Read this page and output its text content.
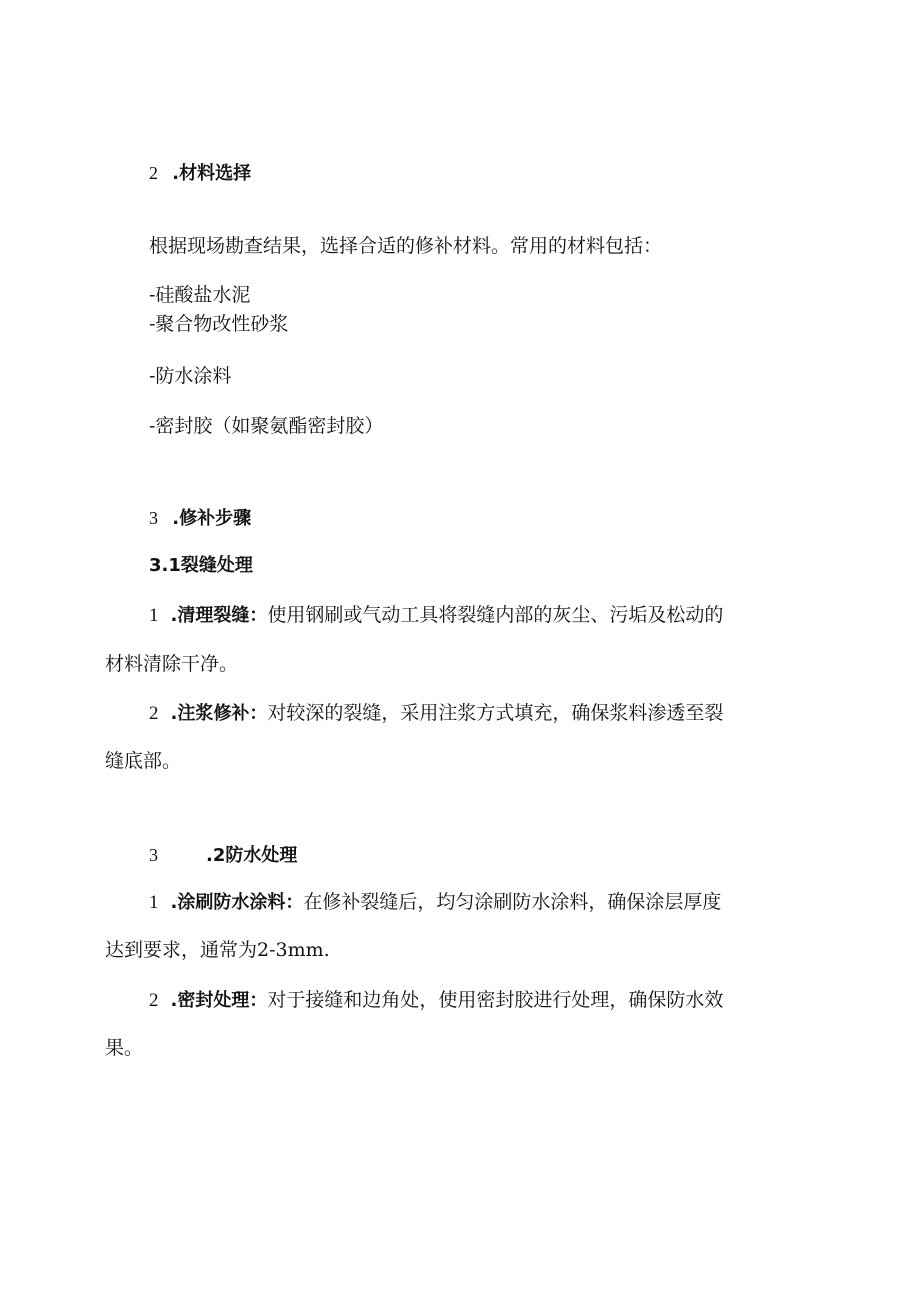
2 .材料选择
根据现场勘查结果，选择合适的修补材料。常用的材料包括：
-硅酸盐水泥
-聚合物改性砂浆
-防水涂料
-密封胶（如聚氨酯密封胶）
3 .修补步骤
3.1裂缝处理
1 .清理裂缝：使用钢刷或气动工具将裂缝内部的灰尘、污垢及松动的
材料清除干净。
2 .注浆修补：对较深的裂缝，采用注浆方式填充，确保浆料渗透至裂
缝底部。
3	.2防水处理
1 .涂刷防水涂料：在修补裂缝后，均匀涂刷防水涂料，确保涂层厚度
达到要求，通常为2-3mm.
2 .密封处理：对于接缝和边角处，使用密封胶进行处理，确保防水效
果。
